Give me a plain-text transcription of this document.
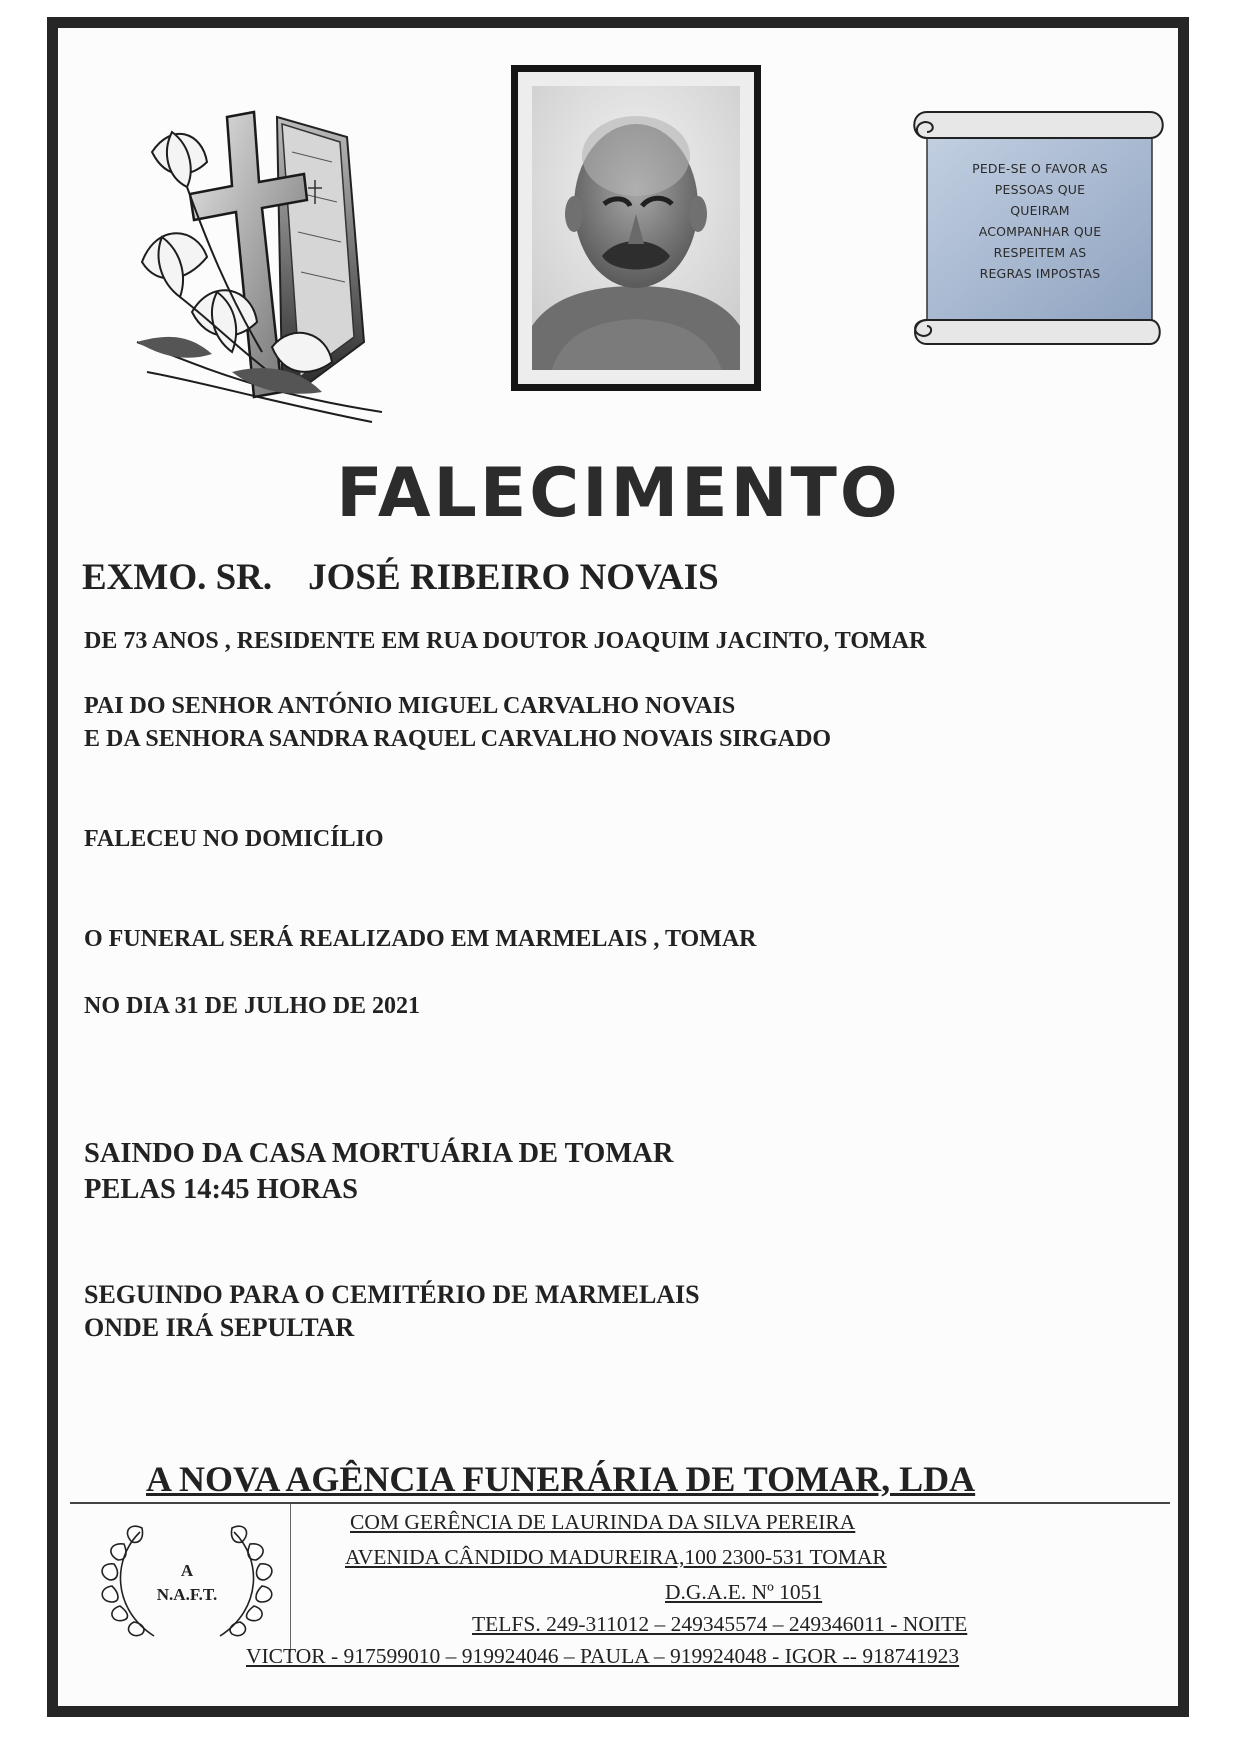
PEDE-SE O FAVOR AS
PESSOAS QUE
QUEIRAM
ACOMPANHAR QUE
RESPEITEM AS
REGRAS IMPOSTAS
FALECIMENTO
EXMO. SR. JOSÉ RIBEIRO NOVAIS
DE 73 ANOS , RESIDENTE EM RUA DOUTOR JOAQUIM JACINTO, TOMAR
PAI DO SENHOR ANTÓNIO MIGUEL CARVALHO NOVAIS
E DA SENHORA SANDRA RAQUEL CARVALHO NOVAIS SIRGADO
FALECEU NO DOMICÍLIO
O FUNERAL SERÁ REALIZADO EM MARMELAIS , TOMAR
NO DIA 31 DE JULHO DE 2021
SAINDO DA CASA MORTUÁRIA DE TOMAR
PELAS 14:45 HORAS
SEGUINDO PARA O CEMITÉRIO DE MARMELAIS
ONDE IRÁ SEPULTAR
A NOVA AGÊNCIA FUNERÁRIA DE TOMAR, LDA
A
N.A.F.T.
COM GERÊNCIA DE LAURINDA DA SILVA PEREIRA
AVENIDA CÂNDIDO MADUREIRA,100 2300-531 TOMAR
D.G.A.E. Nº 1051
TELFS. 249-311012 – 249345574 – 249346011 - NOITE
VICTOR - 917599010 – 919924046 – PAULA – 919924048 - IGOR -- 918741923
